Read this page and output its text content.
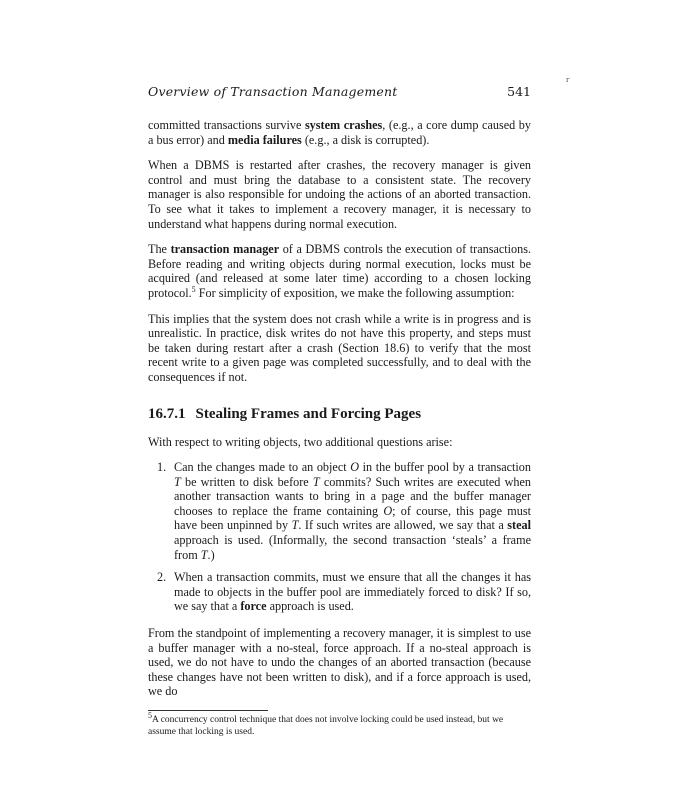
r
Overview of Transaction Management	541

committed transactions survive system crashes, (e.g., a core dump caused by a bus error) and media failures (e.g., a disk is corrupted).

When a DBMS is restarted after crashes, the recovery manager is given control and must bring the database to a consistent state. The recovery manager is also responsible for undoing the actions of an aborted transaction. To see what it takes to implement a recovery manager, it is necessary to understand what happens during normal execution.

The transaction manager of a DBMS controls the execution of transactions. Before reading and writing objects during normal execution, locks must be acquired (and released at some later time) according to a chosen locking protocol.$^5$ For simplicity of exposition, we make the following assumption:

This implies that the system does not crash while a write is in progress and is unrealistic. In practice, disk writes do not have this property, and steps must be taken during restart after a crash (Section 18.6) to verify that the most recent write to a given page was completed successfully, and to deal with the consequences if not.

16.7.1 Stealing Frames and Forcing Pages

With respect to writing objects, two additional questions arise:

1. Can the changes made to an object O in the buffer pool by a transaction T be written to disk before T commits? Such writes are executed when another transaction wants to bring in a page and the buffer manager chooses to replace the frame containing O; of course, this page must have been unpinned by T. If such writes are allowed, we say that a steal approach is used. (Informally, the second transaction ‘steals’ a frame from T.)
2. When a transaction commits, must we ensure that all the changes it has made to objects in the buffer pool are immediately forced to disk? If so, we say that a force approach is used.

From the standpoint of implementing a recovery manager, it is simplest to use a buffer manager with a no-steal, force approach. If a no-steal approach is used, we do not have to undo the changes of an aborted transaction (because these changes have not been written to disk), and if a force approach is used, we do

$^5$A concurrency control technique that does not involve locking could be used instead, but we assume that locking is used.
